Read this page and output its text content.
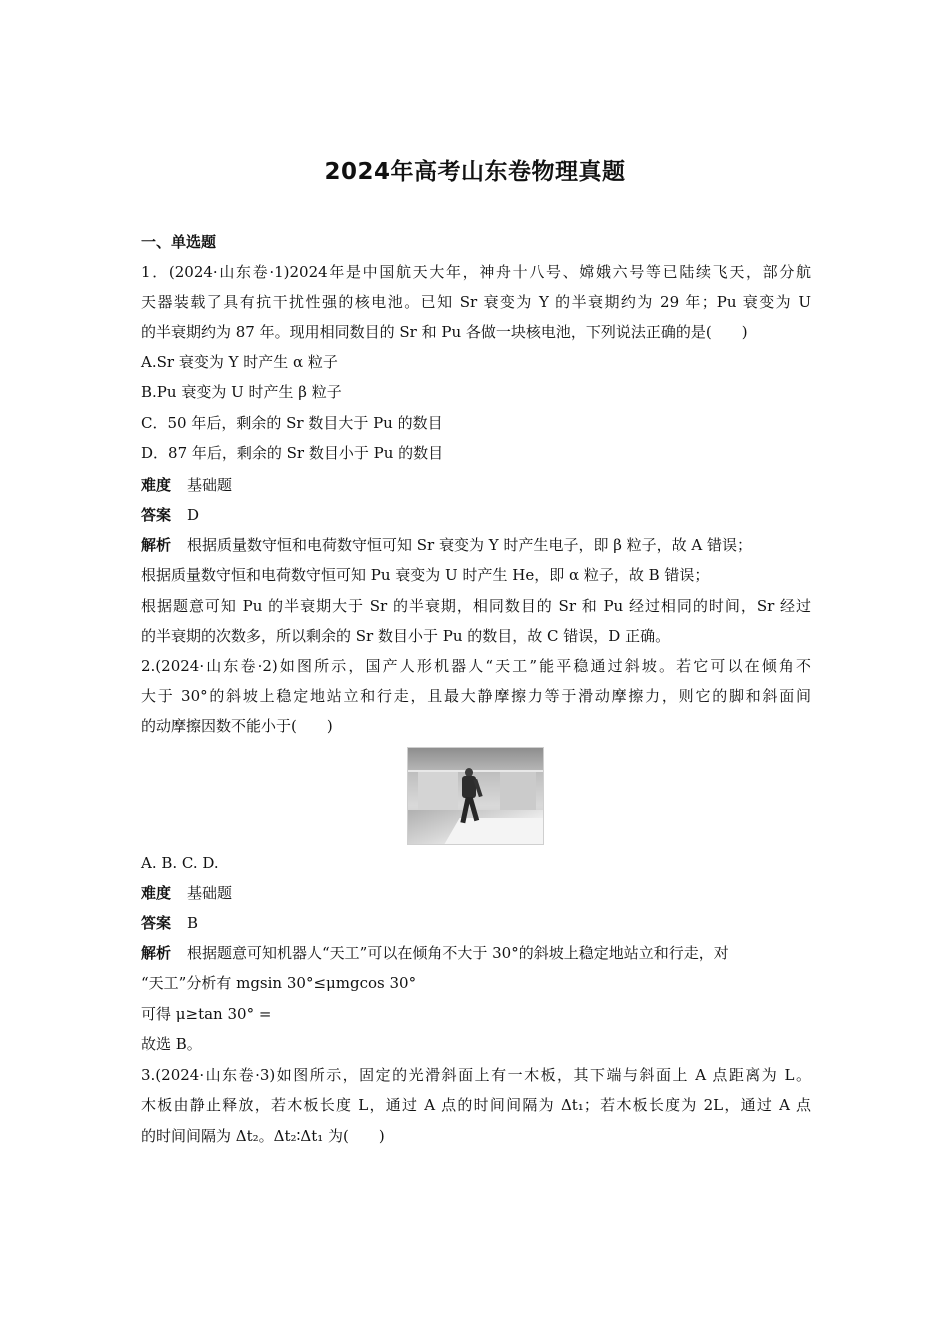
2024年高考山东卷物理真题
一、单选题
1．(2024·山东卷·1)2024年是中国航天大年，神舟十八号、嫦娥六号等已陆续飞天，部分航
天器装载了具有抗干扰性强的核电池。已知 Sr 衰变为 Y 的半衰期约为 29 年；Pu 衰变为 U
的半衰期约为 87 年。现用相同数目的 Sr 和 Pu 各做一块核电池，下列说法正确的是(　　)
A.Sr 衰变为 Y 时产生 α 粒子
B.Pu 衰变为 U 时产生 β 粒子
C．50 年后，剩余的 Sr 数目大于 Pu 的数目
D．87 年后，剩余的 Sr 数目小于 Pu 的数目
难度 基础题
答案 D
解析 根据质量数守恒和电荷数守恒可知 Sr 衰变为 Y 时产生电子，即 β 粒子，故 A 错误；
根据质量数守恒和电荷数守恒可知 Pu 衰变为 U 时产生 He，即 α 粒子，故 B 错误；
根据题意可知 Pu 的半衰期大于 Sr 的半衰期，相同数目的 Sr 和 Pu 经过相同的时间，Sr 经过
的半衰期的次数多，所以剩余的 Sr 数目小于 Pu 的数目，故 C 错误，D 正确。
2.(2024·山东卷·2)如图所示，国产人形机器人“天工”能平稳通过斜坡。若它可以在倾角不
大于 30°的斜坡上稳定地站立和行走，且最大静摩擦力等于滑动摩擦力，则它的脚和斜面间
的动摩擦因数不能小于(　　)
A. B. C. D.
难度 基础题
答案 B
解析 根据题意可知机器人“天工”可以在倾角不大于 30°的斜坡上稳定地站立和行走，对
“天工”分析有 mgsin 30°≤μmgcos 30°
可得 μ≥tan 30° =
故选 B。
3.(2024·山东卷·3)如图所示，固定的光滑斜面上有一木板，其下端与斜面上 A 点距离为 L。
木板由静止释放，若木板长度 L，通过 A 点的时间间隔为 Δt₁；若木板长度为 2L，通过 A 点
的时间间隔为 Δt₂。Δt₂∶Δt₁ 为(　　)
